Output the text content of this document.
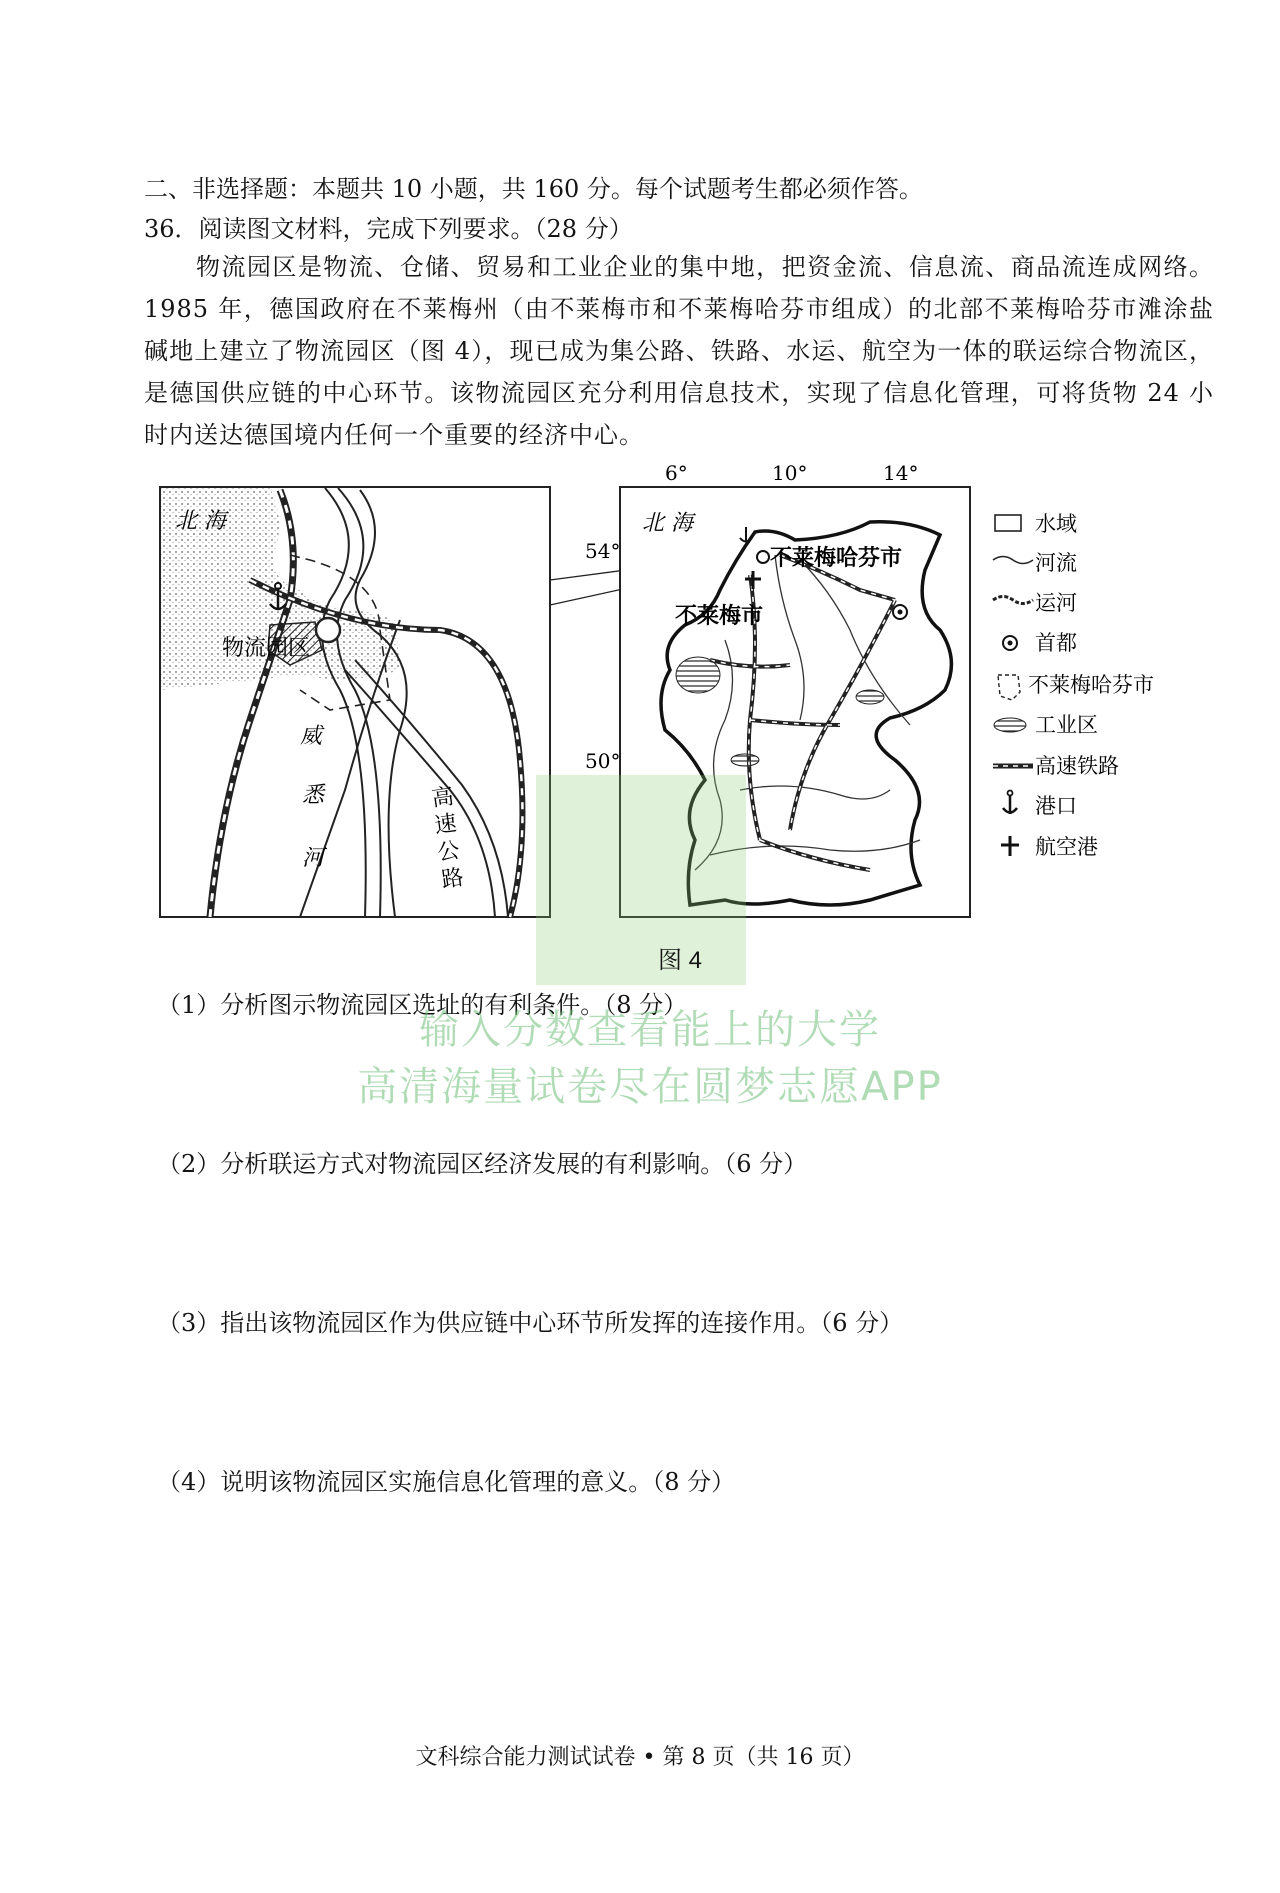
二、非选择题：本题共 10 小题，共 160 分。每个试题考生都必须作答。
36．阅读图文材料，完成下列要求。（28 分）
物流园区是物流、仓储、贸易和工业企业的集中地，把资金流、信息流、商品流连成网络。1985 年，德国政府在不莱梅州（由不莱梅市和不莱梅哈芬市组成）的北部不莱梅哈芬市滩涂盐碱地上建立了物流园区（图 4），现已成为集公路、铁路、水运、航空为一体的联运综合物流区，是德国供应链的中心环节。该物流园区充分利用信息技术，实现了信息化管理，可将货物 24 小时内送达德国境内任何一个重要的经济中心。
北 海
物流园区
威
悉
河
高
速
公
路
6°	10°	14°
54°
50°
北 海
不莱梅哈芬市
不莱梅市
水域
河流
运河
首都
不莱梅哈芬市
工业区
高速铁路
港口
航空港
图 4
（1）分析图示物流园区选址的有利条件。（8 分）
输入分数查看能上的大学
高清海量试卷尽在圆梦志愿APP
（2）分析联运方式对物流园区经济发展的有利影响。（6 分）
（3）指出该物流园区作为供应链中心环节所发挥的连接作用。（6 分）
（4）说明该物流园区实施信息化管理的意义。（8 分）
文科综合能力测试试卷 • 第 8 页（共 16 页）
